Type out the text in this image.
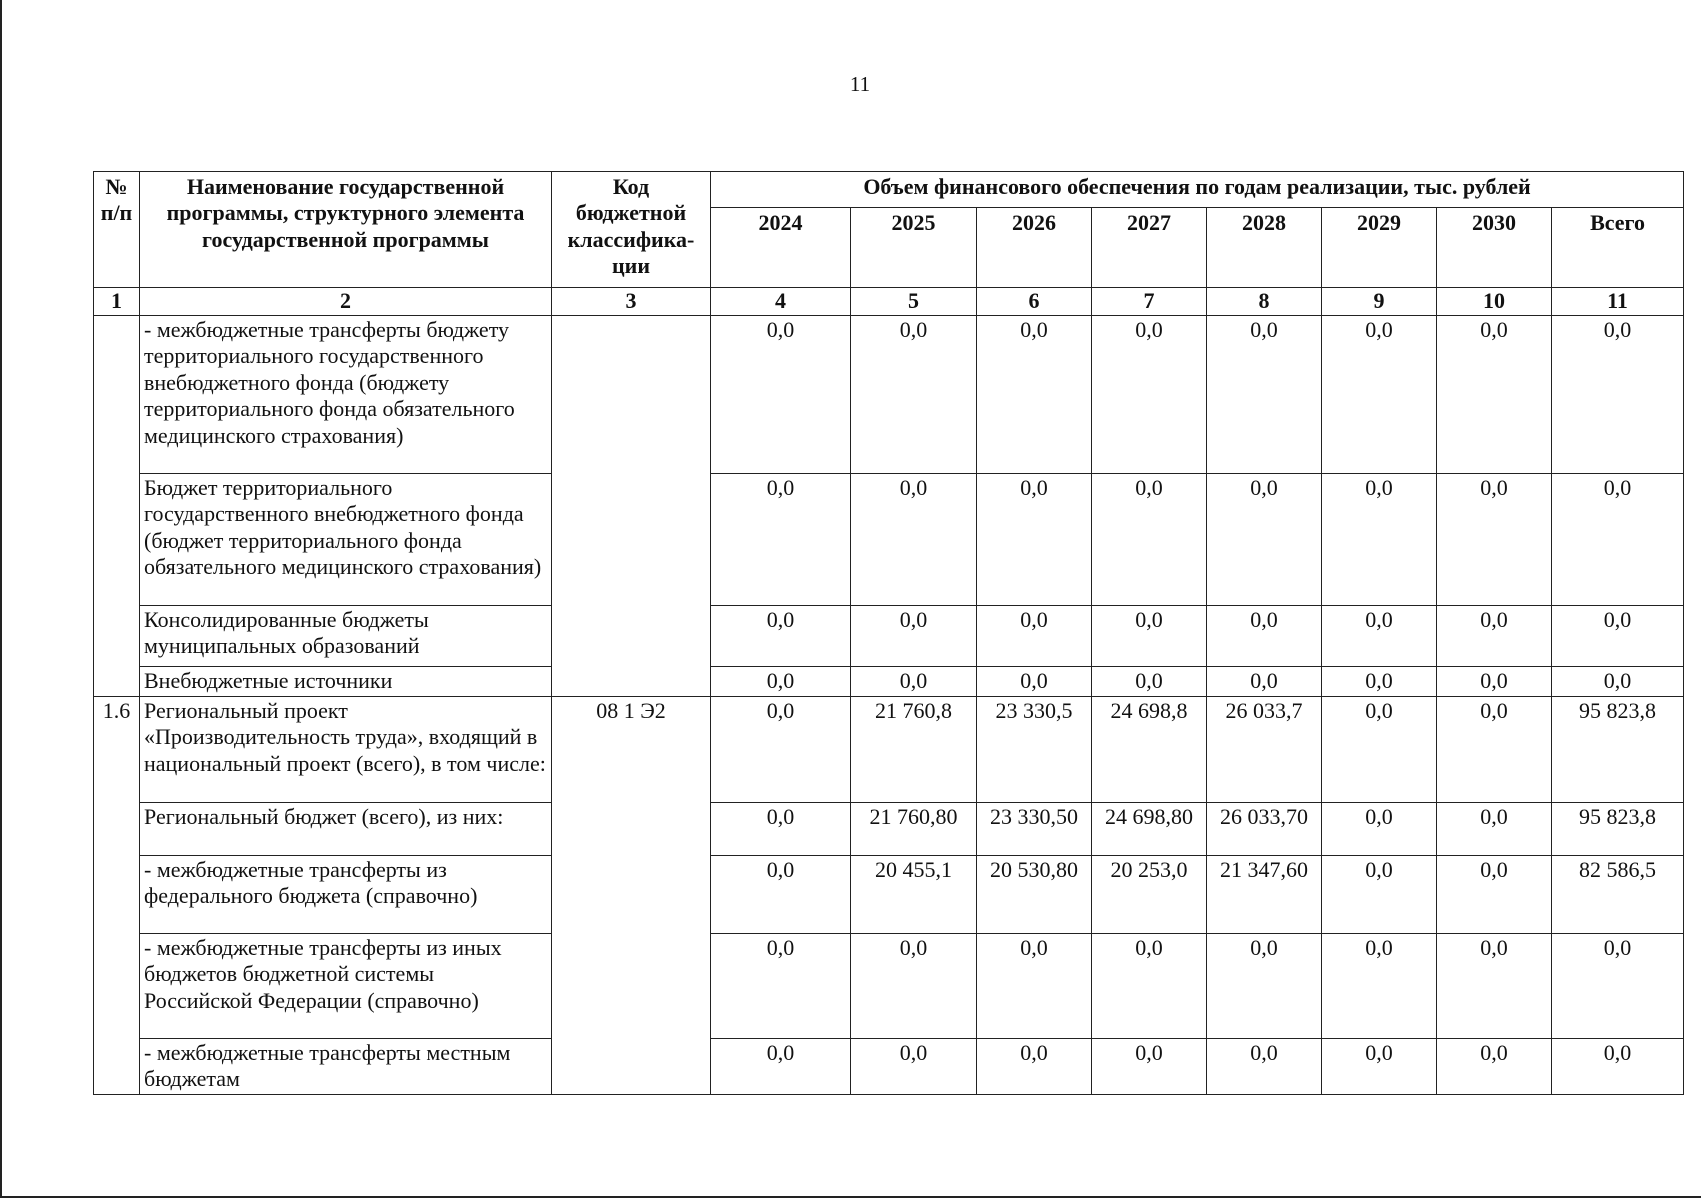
11
№ п/п	Наименование государственной программы, структурного элемента государственной программы	Код бюджетной классифика-ции	Объем финансового обеспечения по годам реализации, тыс. рублей							
			2024	2025	2026	2027	2028	2029	2030	Всего
1	2	3	4	5	6	7	8	9	10	11
	- межбюджетные трансферты бюджету территориального государственного внебюджетного фонда (бюджету территориального фонда обязательного медицинского страхования)		0,0	0,0	0,0	0,0	0,0	0,0	0,0	0,0
	Бюджет территориального государственного внебюджетного фонда (бюджет территориального фонда обязательного медицинского страхования)		0,0	0,0	0,0	0,0	0,0	0,0	0,0	0,0
	Консолидированные бюджеты муниципальных образований		0,0	0,0	0,0	0,0	0,0	0,0	0,0	0,0
	Внебюджетные источники		0,0	0,0	0,0	0,0	0,0	0,0	0,0	0,0
1.6	Региональный проект «Производительность труда», входящий в национальный проект (всего), в том числе:	08 1 Э2	0,0	21 760,8	23 330,5	24 698,8	26 033,7	0,0	0,0	95 823,8
	Региональный бюджет (всего), из них:		0,0	21 760,80	23 330,50	24 698,80	26 033,70	0,0	0,0	95 823,8
	- межбюджетные трансферты из федерального бюджета (справочно)		0,0	20 455,1	20 530,80	20 253,0	21 347,60	0,0	0,0	82 586,5
	- межбюджетные трансферты из иных бюджетов бюджетной системы Российской Федерации (справочно)		0,0	0,0	0,0	0,0	0,0	0,0	0,0	0,0
	- межбюджетные трансферты местным бюджетам		0,0	0,0	0,0	0,0	0,0	0,0	0,0	0,0
